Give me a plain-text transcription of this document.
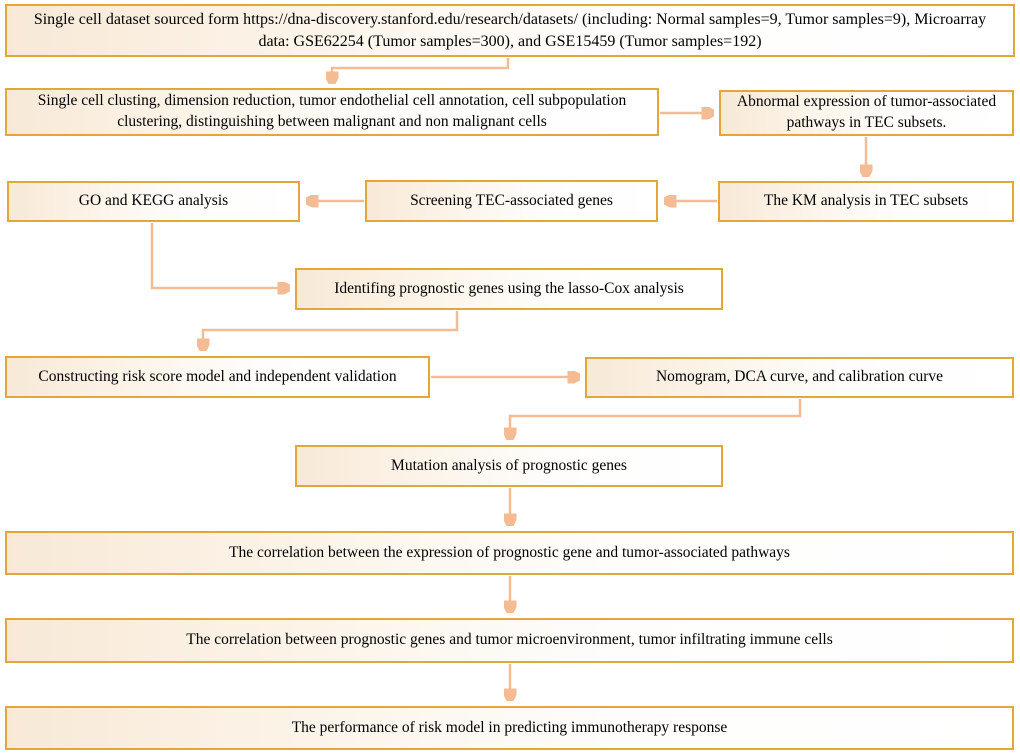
Single cell dataset sourced form https://dna-discovery.stanford.edu/research/datasets/ (including: Normal samples=9, Tumor samples=9), Microarray data: GSE62254 (Tumor samples=300), and GSE15459 (Tumor samples=192)
Single cell clusting, dimension reduction, tumor endothelial cell annotation, cell subpopulation clustering, distinguishing between malignant and non malignant cells
Abnormal expression of tumor-associated pathways in TEC subsets.
The KM analysis in TEC subsets
Screening TEC-associated genes
GO and KEGG analysis
Identifing prognostic genes using the lasso-Cox analysis
Constructing risk score model and independent validation	Nomogram, DCA curve, and calibration curve
Mutation analysis of prognostic genes
The correlation between the expression of prognostic gene and tumor-associated pathways
The correlation between prognostic genes and tumor microenvironment, tumor infiltrating immune cells
The performance of risk model in predicting immunotherapy response
